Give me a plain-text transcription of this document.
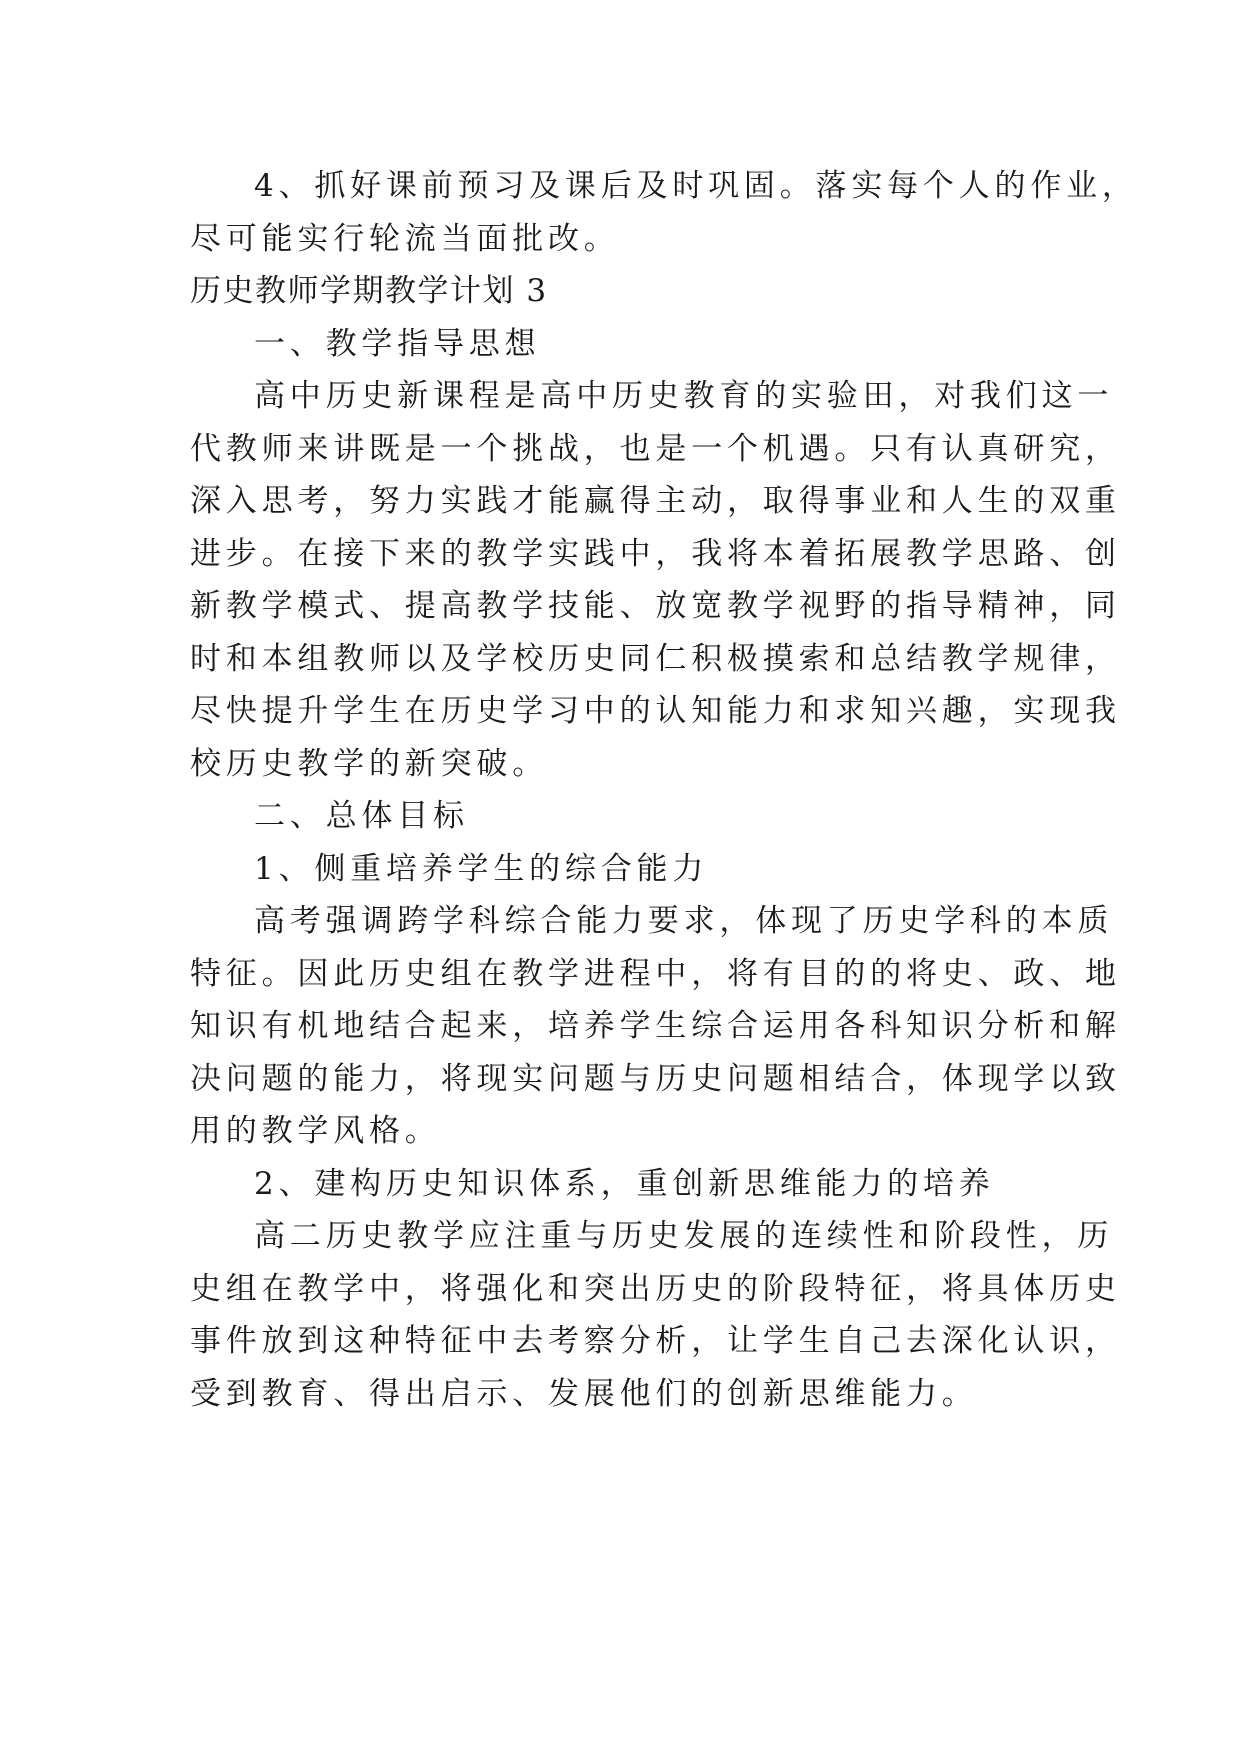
4、抓好课前预习及课后及时巩固。落实每个人的作业，

尽可能实行轮流当面批改。

历史教师学期教学计划 3

一、教学指导思想

高中历史新课程是高中历史教育的实验田，对我们这一

代教师来讲既是一个挑战，也是一个机遇。只有认真研究，

深入思考，努力实践才能赢得主动，取得事业和人生的双重

进步。在接下来的教学实践中，我将本着拓展教学思路、创

新教学模式、提高教学技能、放宽教学视野的指导精神，同

时和本组教师以及学校历史同仁积极摸索和总结教学规律，

尽快提升学生在历史学习中的认知能力和求知兴趣，实现我

校历史教学的新突破。

二、总体目标

1、侧重培养学生的综合能力

高考强调跨学科综合能力要求，体现了历史学科的本质

特征。因此历史组在教学进程中，将有目的的将史、政、地

知识有机地结合起来，培养学生综合运用各科知识分析和解

决问题的能力，将现实问题与历史问题相结合，体现学以致

用的教学风格。

2、建构历史知识体系，重创新思维能力的培养

高二历史教学应注重与历史发展的连续性和阶段性，历

史组在教学中，将强化和突出历史的阶段特征，将具体历史

事件放到这种特征中去考察分析，让学生自己去深化认识，

受到教育、得出启示、发展他们的创新思维能力。
